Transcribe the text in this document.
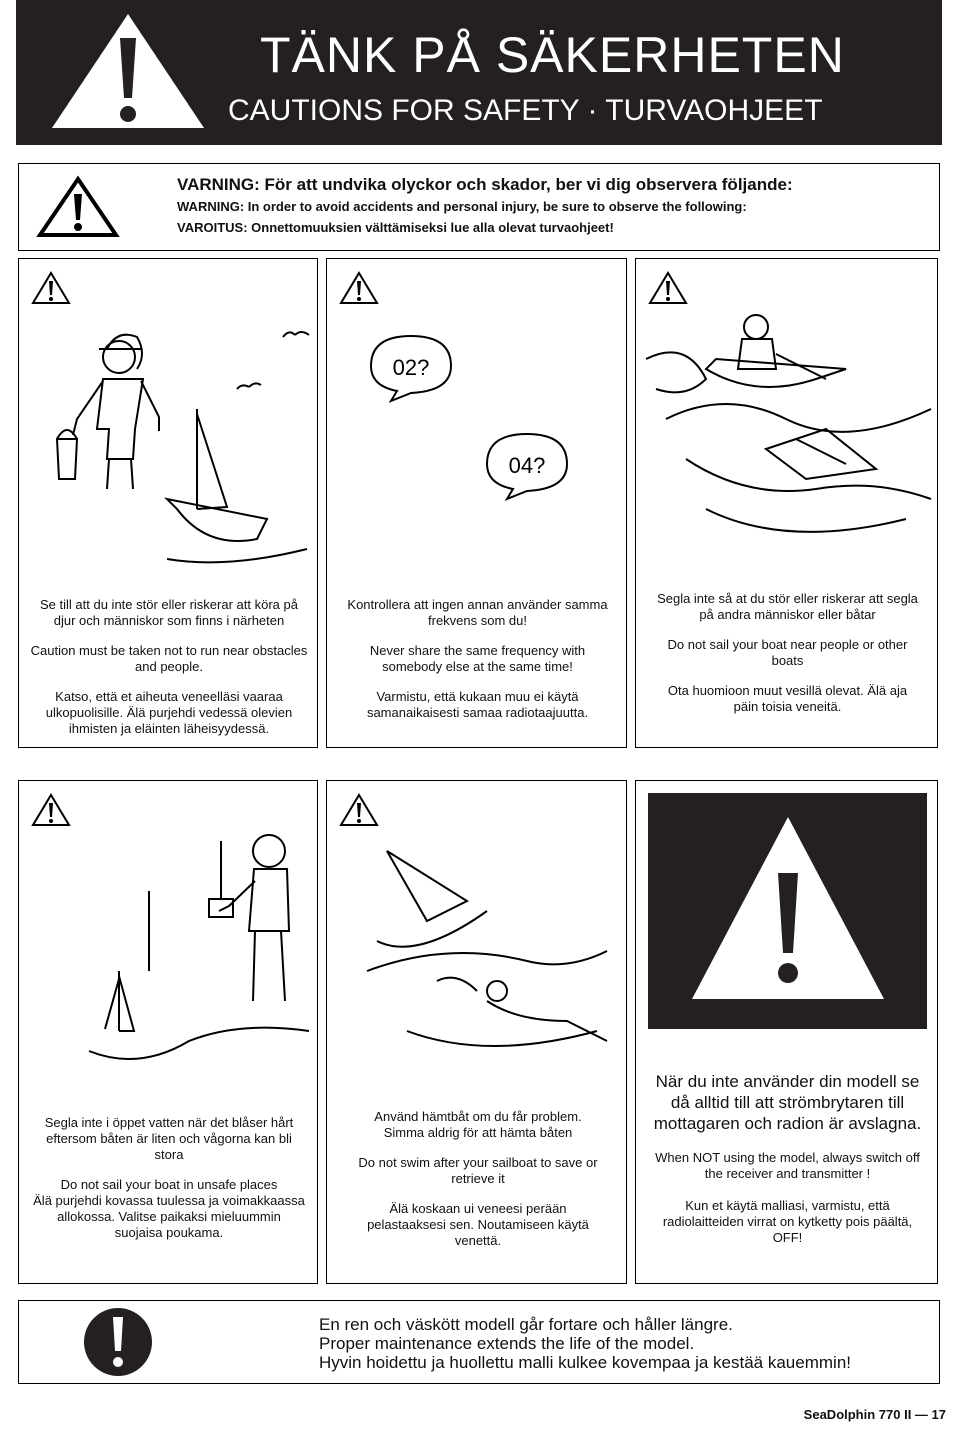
TÄNK PÅ SÄKERHETEN
CAUTIONS FOR SAFETY · TURVAOHJEET
VARNING: För att undvika olyckor och skador, ber vi dig observera följande:
WARNING: In order to avoid accidents and personal injury, be sure to observe the following:
VAROITUS: Onnettomuuksien välttämiseksi lue alla olevat turvaohjeet!

Se till att du inte stör eller riskerar att köra på djur och människor som finns i närheten

Caution must be taken not to run near obstacles and people.

Katso, että et aiheuta veneelläsi vaaraa ulkopuolisille. Älä purjehdi vedessä olevien ihmisten ja eläinten läheisyydessä.

02?
04?

Kontrollera att ingen annan använder samma frekvens som du!

Never share the same frequency with somebody else at the same time!

Varmistu, että kukaan muu ei käytä samanaikaisesti samaa radiotaajuutta.

Segla inte så at du stör eller riskerar att segla på andra människor eller båtar

Do not sail your boat near people or other boats

Ota huomioon muut vesillä olevat. Älä aja päin toisia veneitä.

Segla inte i öppet vatten när det blåser hårt eftersom båten är liten och vågorna kan bli stora

Do not sail your boat in unsafe places

Älä purjehdi kovassa tuulessa ja voimakkaassa allokossa. Valitse paikaksi mieluummin suojaisa poukama.

Använd hämtbåt om du får problem. Simma aldrig för att hämta båten

Do not swim after your sailboat to save or retrieve it

Älä koskaan ui veneesi perään pelastaaksesi sen. Noutamiseen käytä venettä.

När du inte använder din modell se då alltid till att strömbrytaren till mottagaren och radion är avslagna.

When NOT using the model, always switch off the receiver and transmitter !

Kun et käytä malliasi, varmistu, että radiolaitteiden virrat on kytketty pois päältä, OFF!

En ren och väskött modell går fortare och håller längre.
Proper maintenance extends the life of the model.
Hyvin hoidettu ja huollettu malli kulkee kovempaa ja kestää kauemmin!
SeaDolphin 770 II — 17
